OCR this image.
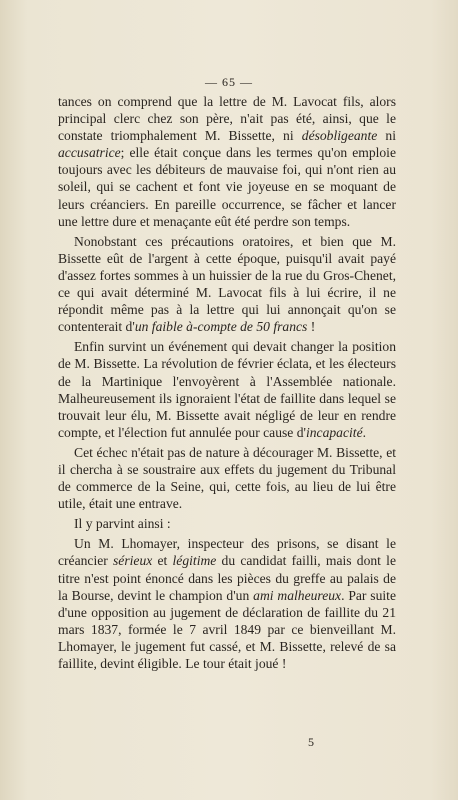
— 65 —

tances on comprend que la lettre de M. Lavocat fils, alors principal clerc chez son père, n'ait pas été, ainsi, que le constate triomphalement M. Bissette, ni désobligeante ni accusatrice; elle était conçue dans les termes qu'on emploie toujours avec les débiteurs de mauvaise foi, qui n'ont rien au soleil, qui se cachent et font vie joyeuse en se moquant de leurs créanciers. En pareille occurrence, se fâcher et lancer une lettre dure et menaçante eût été perdre son temps.

Nonobstant ces précautions oratoires, et bien que M. Bissette eût de l'argent à cette époque, puisqu'il avait payé d'assez fortes sommes à un huissier de la rue du Gros-Chenet, ce qui avait déterminé M. Lavocat fils à lui écrire, il ne répondit même pas à la lettre qui lui annonçait qu'on se contenterait d'un faible à-compte de 50 francs !

Enfin survint un événement qui devait changer la position de M. Bissette. La révolution de février éclata, et les électeurs de la Martinique l'envoyèrent à l'Assemblée nationale. Malheureusement ils ignoraient l'état de faillite dans lequel se trouvait leur élu, M. Bissette avait négligé de leur en rendre compte, et l'élection fut annulée pour cause d'incapacité.

Cet échec n'était pas de nature à décourager M. Bissette, et il chercha à se soustraire aux effets du jugement du Tribunal de commerce de la Seine, qui, cette fois, au lieu de lui être utile, était une entrave.

Il y parvint ainsi :

Un M. Lhomayer, inspecteur des prisons, se disant le créancier sérieux et légitime du candidat failli, mais dont le titre n'est point énoncé dans les pièces du greffe au palais de la Bourse, devint le champion d'un ami malheureux. Par suite d'une opposition au jugement de déclaration de faillite du 21 mars 1837, formée le 7 avril 1849 par ce bienveillant M. Lhomayer, le jugement fut cassé, et M. Bissette, relevé de sa faillite, devint éligible. Le tour était joué !

5
